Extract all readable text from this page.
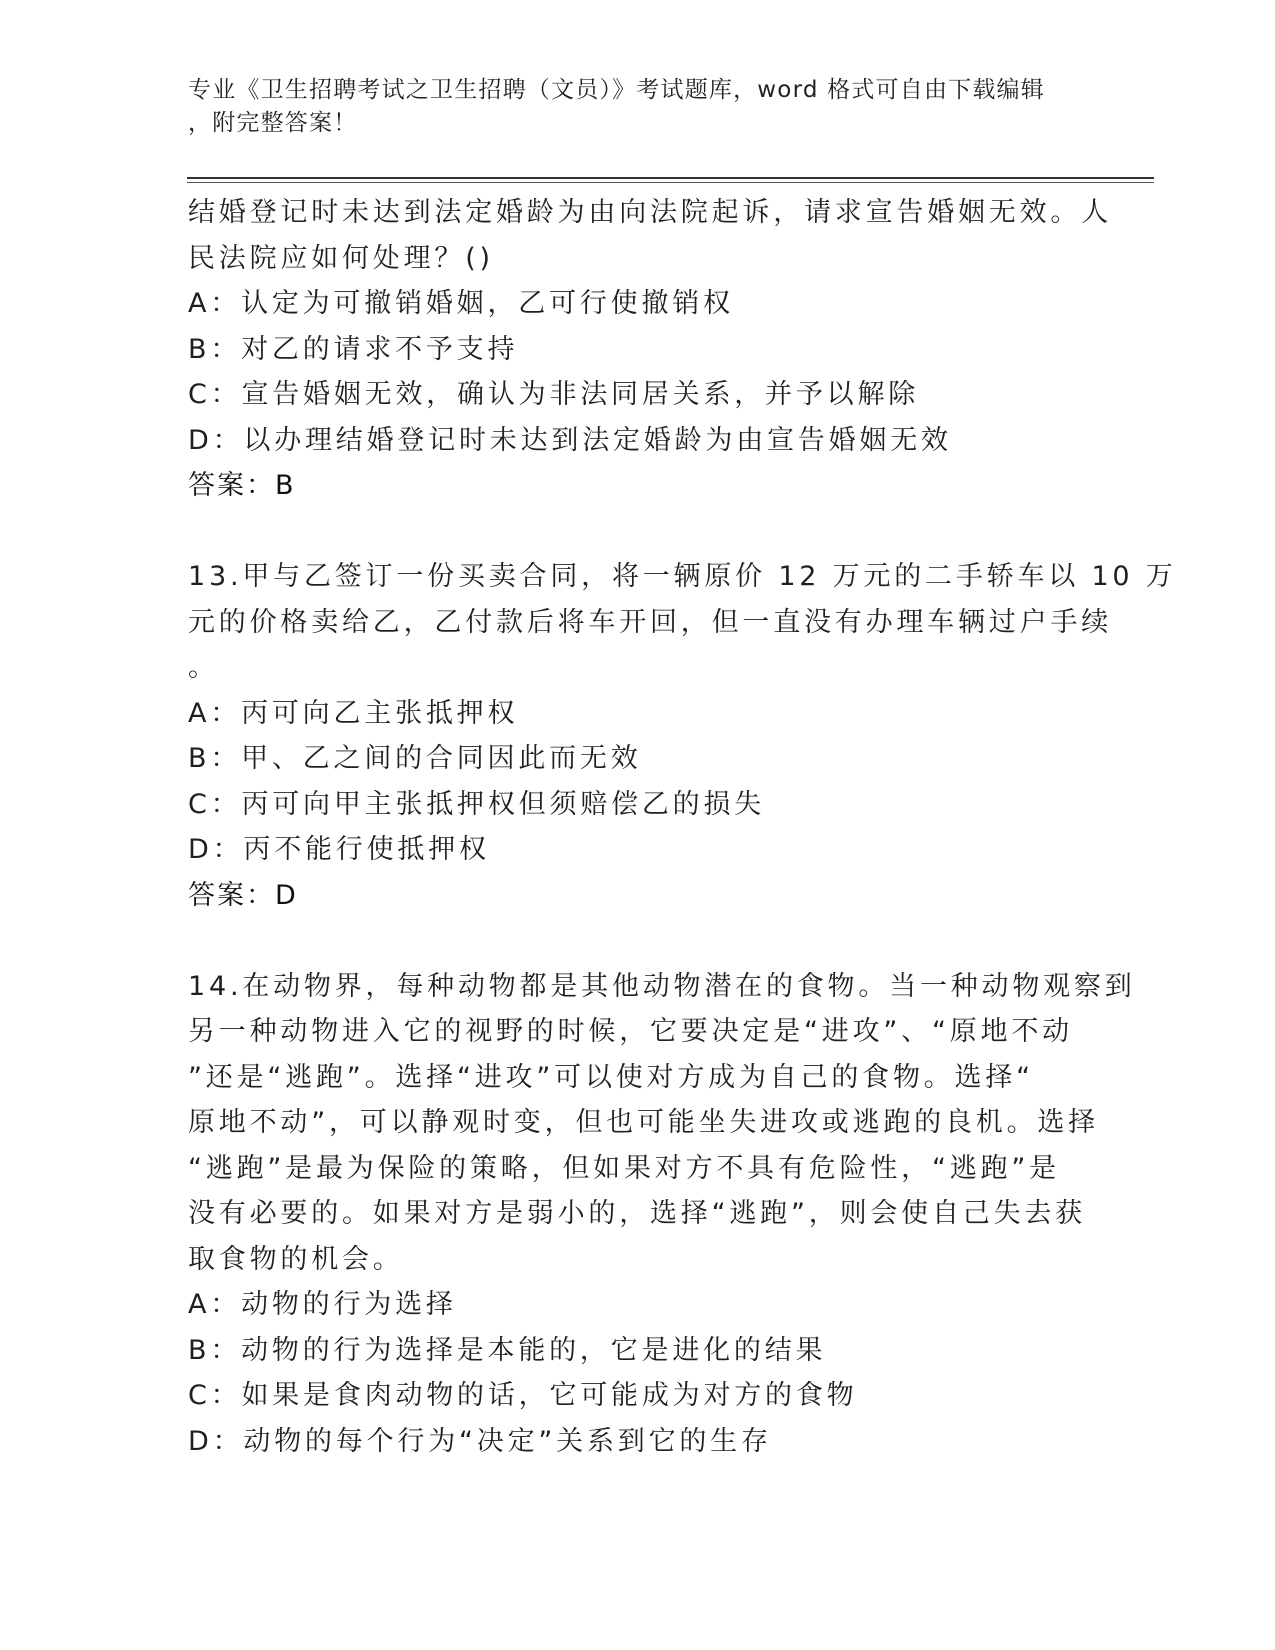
专业《卫生招聘考试之卫生招聘（文员）》考试题库，word 格式可自由下载编辑
，附完整答案！
结婚登记时未达到法定婚龄为由向法院起诉，请求宣告婚姻无效。人
民法院应如何处理？()
A：认定为可撤销婚姻，乙可行使撤销权
B：对乙的请求不予支持
C：宣告婚姻无效，确认为非法同居关系，并予以解除
D：以办理结婚登记时未达到法定婚龄为由宣告婚姻无效
答案：B
13.甲与乙签订一份买卖合同，将一辆原价 12 万元的二手轿车以 10 万
元的价格卖给乙，乙付款后将车开回，但一直没有办理车辆过户手续
。
A：丙可向乙主张抵押权
B：甲、乙之间的合同因此而无效
C：丙可向甲主张抵押权但须赔偿乙的损失
D：丙不能行使抵押权
答案：D
14.在动物界，每种动物都是其他动物潜在的食物。当一种动物观察到
另一种动物进入它的视野的时候，它要决定是“进攻”、“原地不动
”还是“逃跑”。选择“进攻”可以使对方成为自己的食物。选择“
原地不动”，可以静观时变，但也可能坐失进攻或逃跑的良机。选择
“逃跑”是最为保险的策略，但如果对方不具有危险性，“逃跑”是
没有必要的。如果对方是弱小的，选择“逃跑”，则会使自己失去获
取食物的机会。
A：动物的行为选择
B：动物的行为选择是本能的，它是进化的结果
C：如果是食肉动物的话，它可能成为对方的食物
D：动物的每个行为“决定”关系到它的生存
